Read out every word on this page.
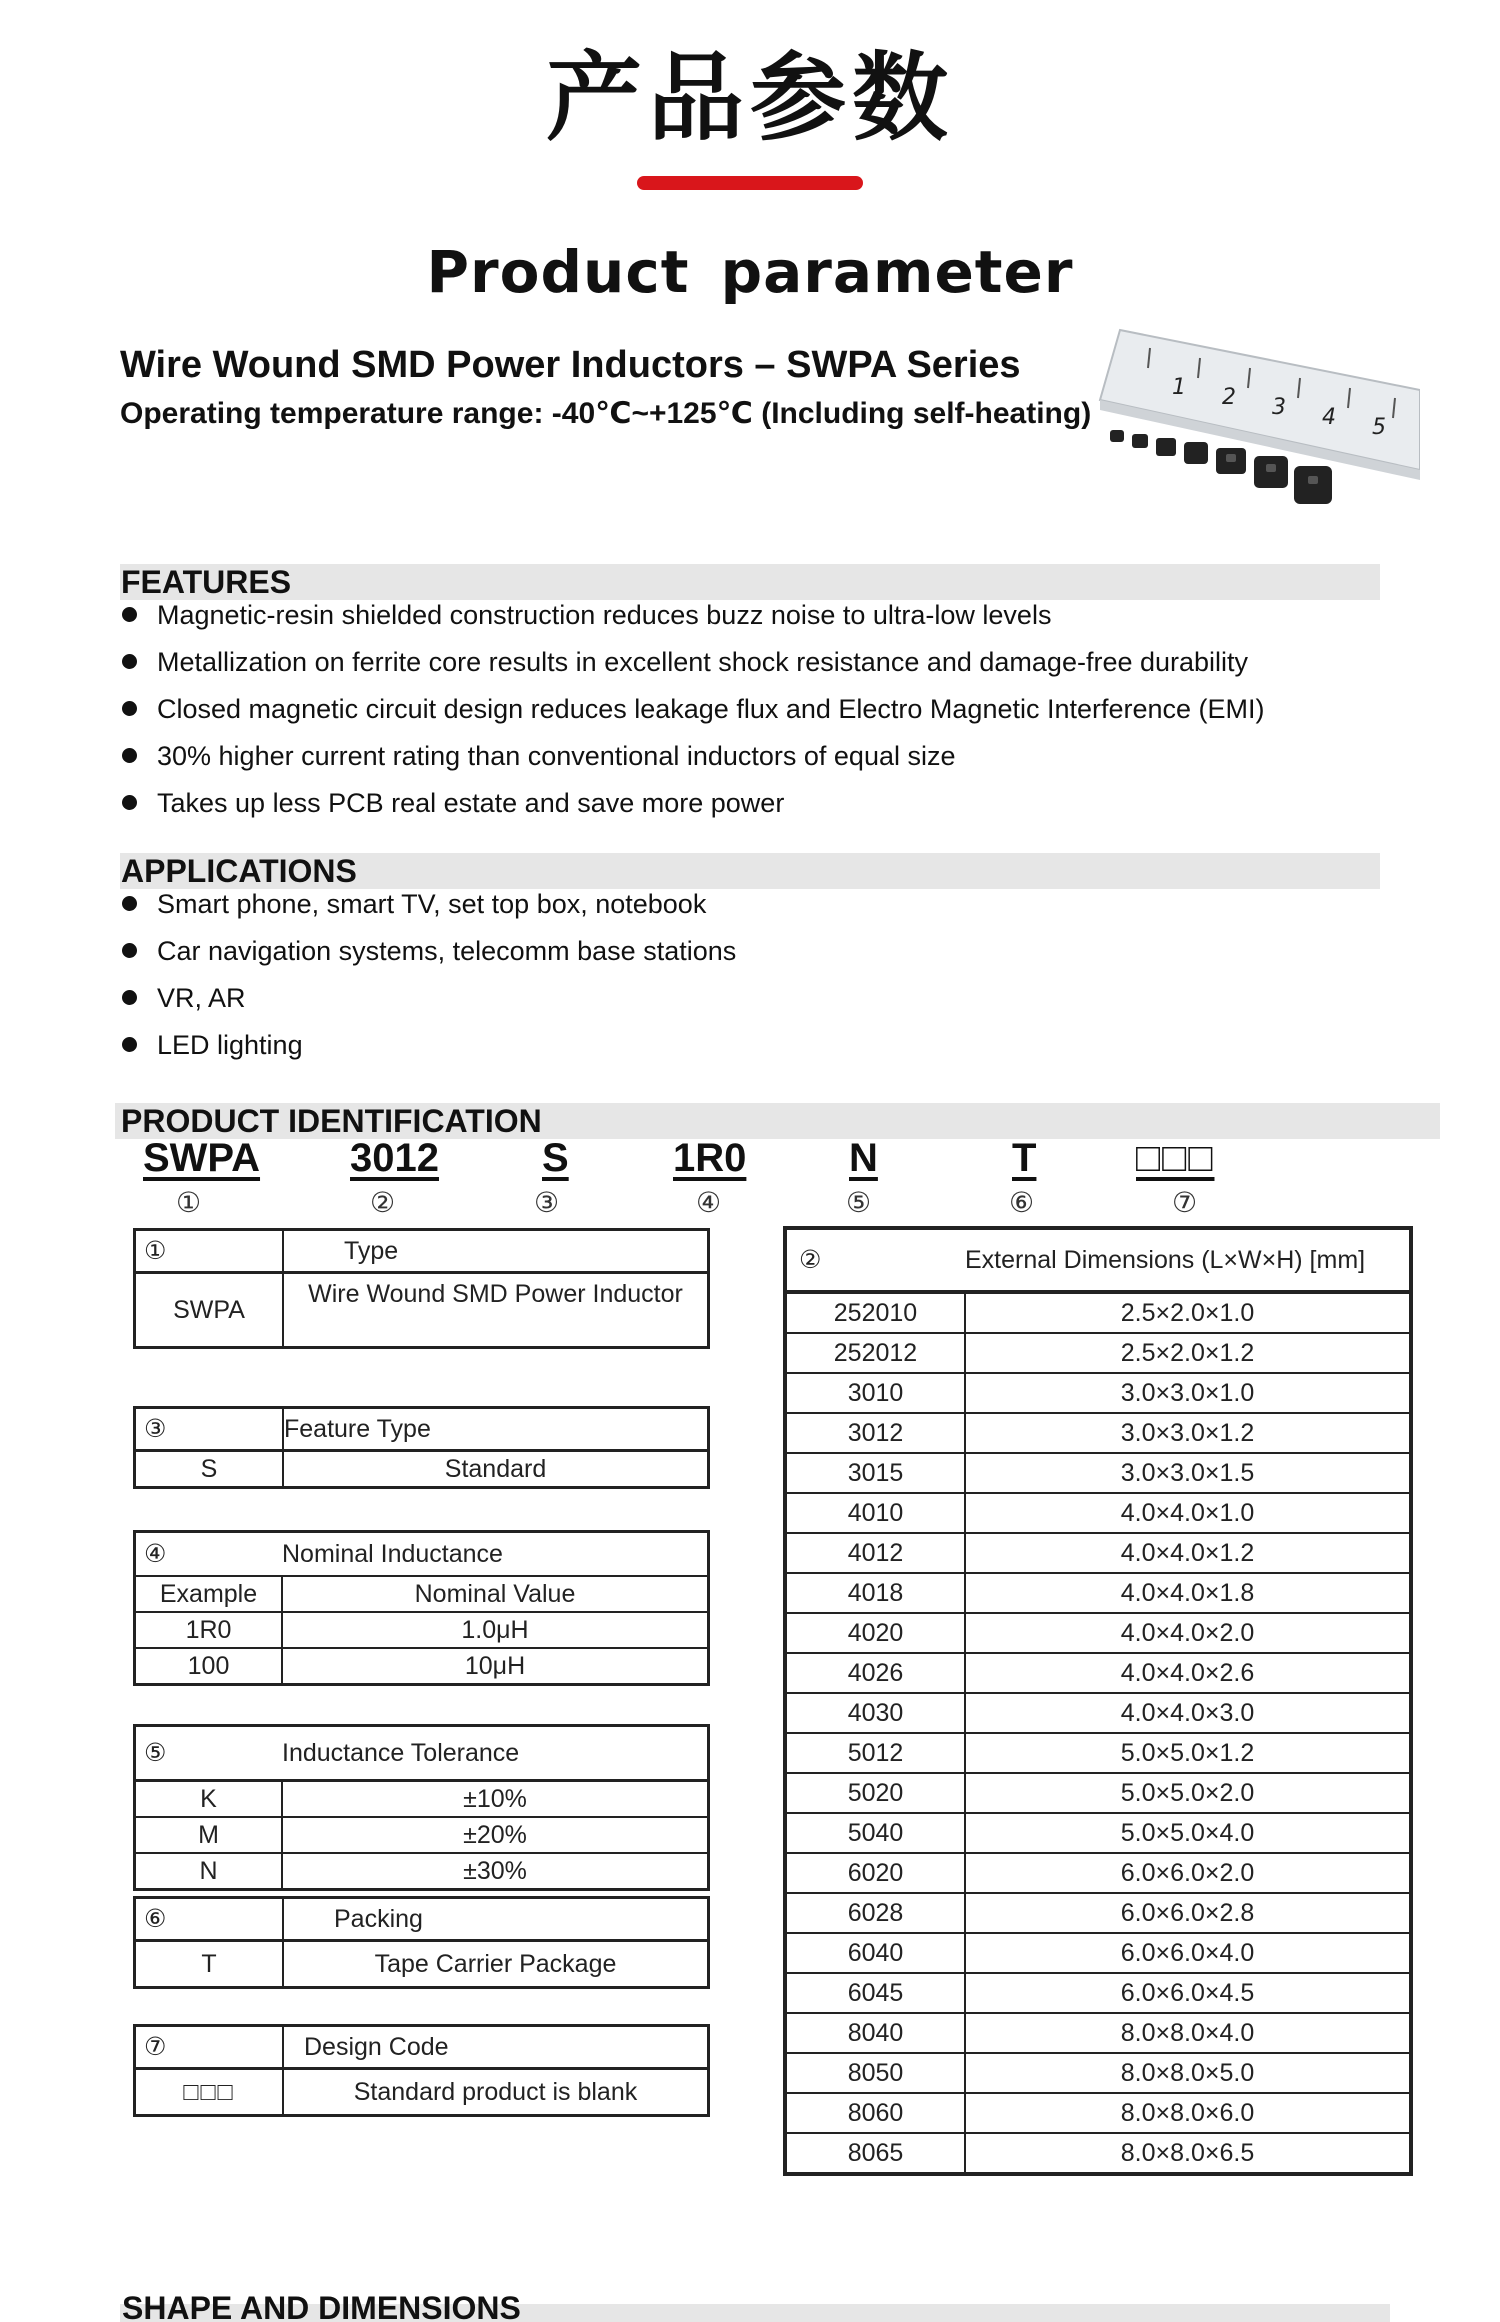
产品参数
Product parameter
Wire Wound SMD Power Inductors – SWPA Series
Operating temperature range: -40℃~+125℃ (Including self-heating)
1 2 3 4 5
FEATURES
Magnetic-resin shielded construction reduces buzz noise to ultra-low levels
Metallization on ferrite core results in excellent shock resistance and damage-free durability
Closed magnetic circuit design reduces leakage flux and Electro Magnetic Interference (EMI)
30% higher current rating than conventional inductors of equal size
Takes up less PCB real estate and save more power
APPLICATIONS
Smart phone, smart TV, set top box, notebook
Car navigation systems, telecomm base stations
VR, AR
LED lighting
PRODUCT IDENTIFICATION
SWPA 3012	S	1R0	N	T □□□
①	②	③	④	⑤	⑥	⑦
①	Type
SWPA	Wire Wound SMD Power Inductor
③	Feature Type
S	Standard
④	Nominal Inductance
Example	Nominal Value
1R0	1.0μH
100	10μH
⑤	Inductance Tolerance
K	±10%
M	±20%
N	±30%
⑥	Packing
T	Tape Carrier Package
⑦	Design Code
□□□	Standard product is blank
②	External Dimensions (L×W×H) [mm]
252010	2.5×2.0×1.0
252012	2.5×2.0×1.2
3010	3.0×3.0×1.0
3012	3.0×3.0×1.2
3015	3.0×3.0×1.5
4010	4.0×4.0×1.0
4012	4.0×4.0×1.2
4018	4.0×4.0×1.8
4020	4.0×4.0×2.0
4026	4.0×4.0×2.6
4030	4.0×4.0×3.0
5012	5.0×5.0×1.2
5020	5.0×5.0×2.0
5040	5.0×5.0×4.0
6020	6.0×6.0×2.0
6028	6.0×6.0×2.8
6040	6.0×6.0×4.0
6045	6.0×6.0×4.5
8040	8.0×8.0×4.0
8050	8.0×8.0×5.0
8060	8.0×8.0×6.0
8065	8.0×8.0×6.5
SHAPE AND DIMENSIONS
